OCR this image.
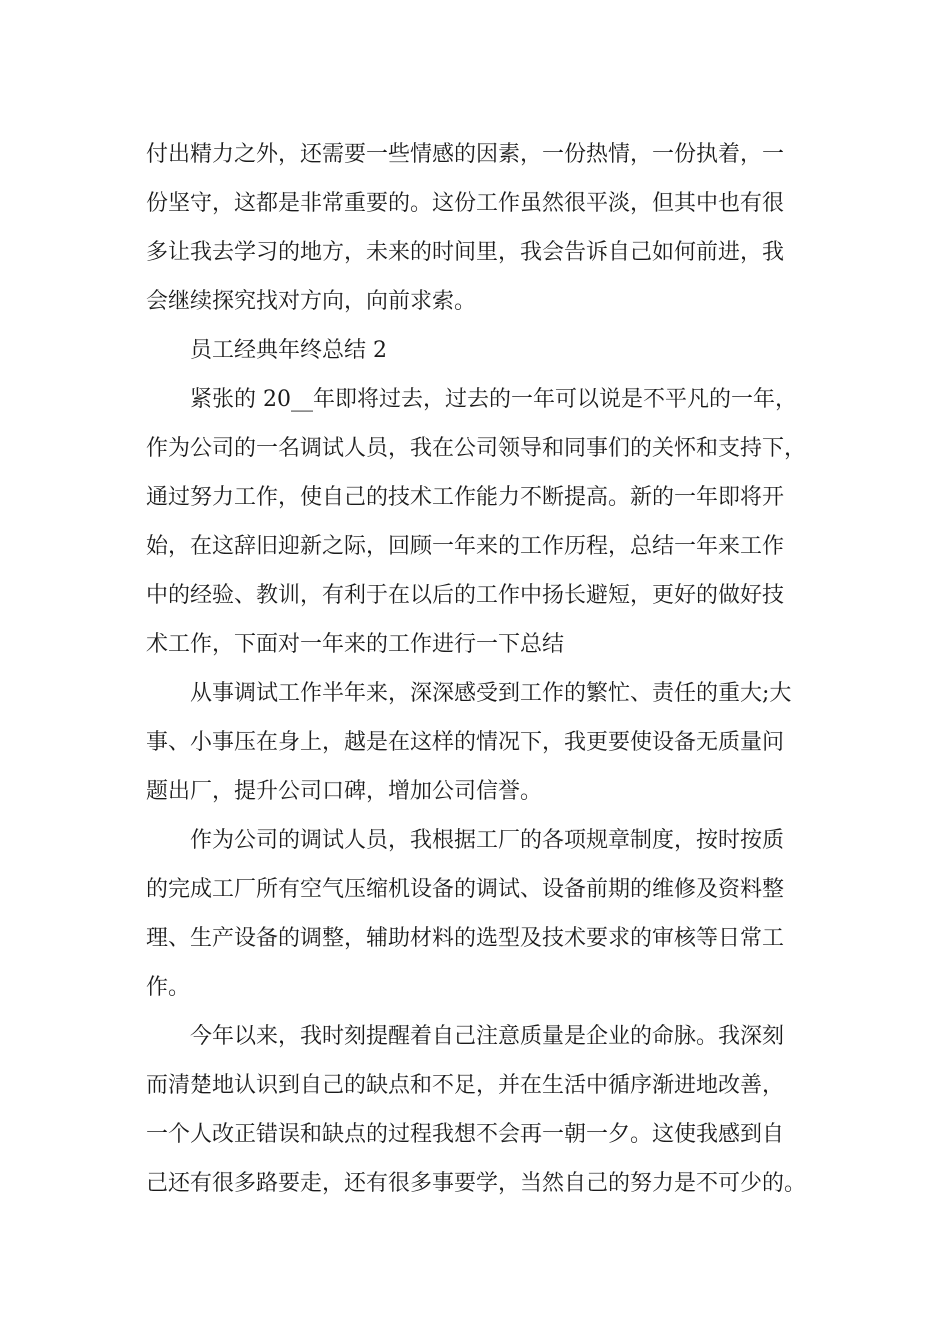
付出精力之外，还需要一些情感的因素，一份热情，一份执着，一
份坚守，这都是非常重要的。这份工作虽然很平淡，但其中也有很
多让我去学习的地方，未来的时间里，我会告诉自己如何前进，我
会继续探究找对方向，向前求索。
员工经典年终总结 2
紧张的 20__年即将过去，过去的一年可以说是不平凡的一年，
作为公司的一名调试人员，我在公司领导和同事们的关怀和支持下，
通过努力工作，使自己的技术工作能力不断提高。新的一年即将开
始，在这辞旧迎新之际，回顾一年来的工作历程，总结一年来工作
中的经验、教训，有利于在以后的工作中扬长避短，更好的做好技
术工作，下面对一年来的工作进行一下总结
从事调试工作半年来，深深感受到工作的繁忙、责任的重大;大
事、小事压在身上，越是在这样的情况下，我更要使设备无质量问
题出厂，提升公司口碑，增加公司信誉。
作为公司的调试人员，我根据工厂的各项规章制度，按时按质
的完成工厂所有空气压缩机设备的调试、设备前期的维修及资料整
理、生产设备的调整，辅助材料的选型及技术要求的审核等日常工
作。
今年以来，我时刻提醒着自己注意质量是企业的命脉。我深刻
而清楚地认识到自己的缺点和不足，并在生活中循序渐进地改善，
一个人改正错误和缺点的过程我想不会再一朝一夕。这使我感到自
己还有很多路要走，还有很多事要学，当然自己的努力是不可少的。
